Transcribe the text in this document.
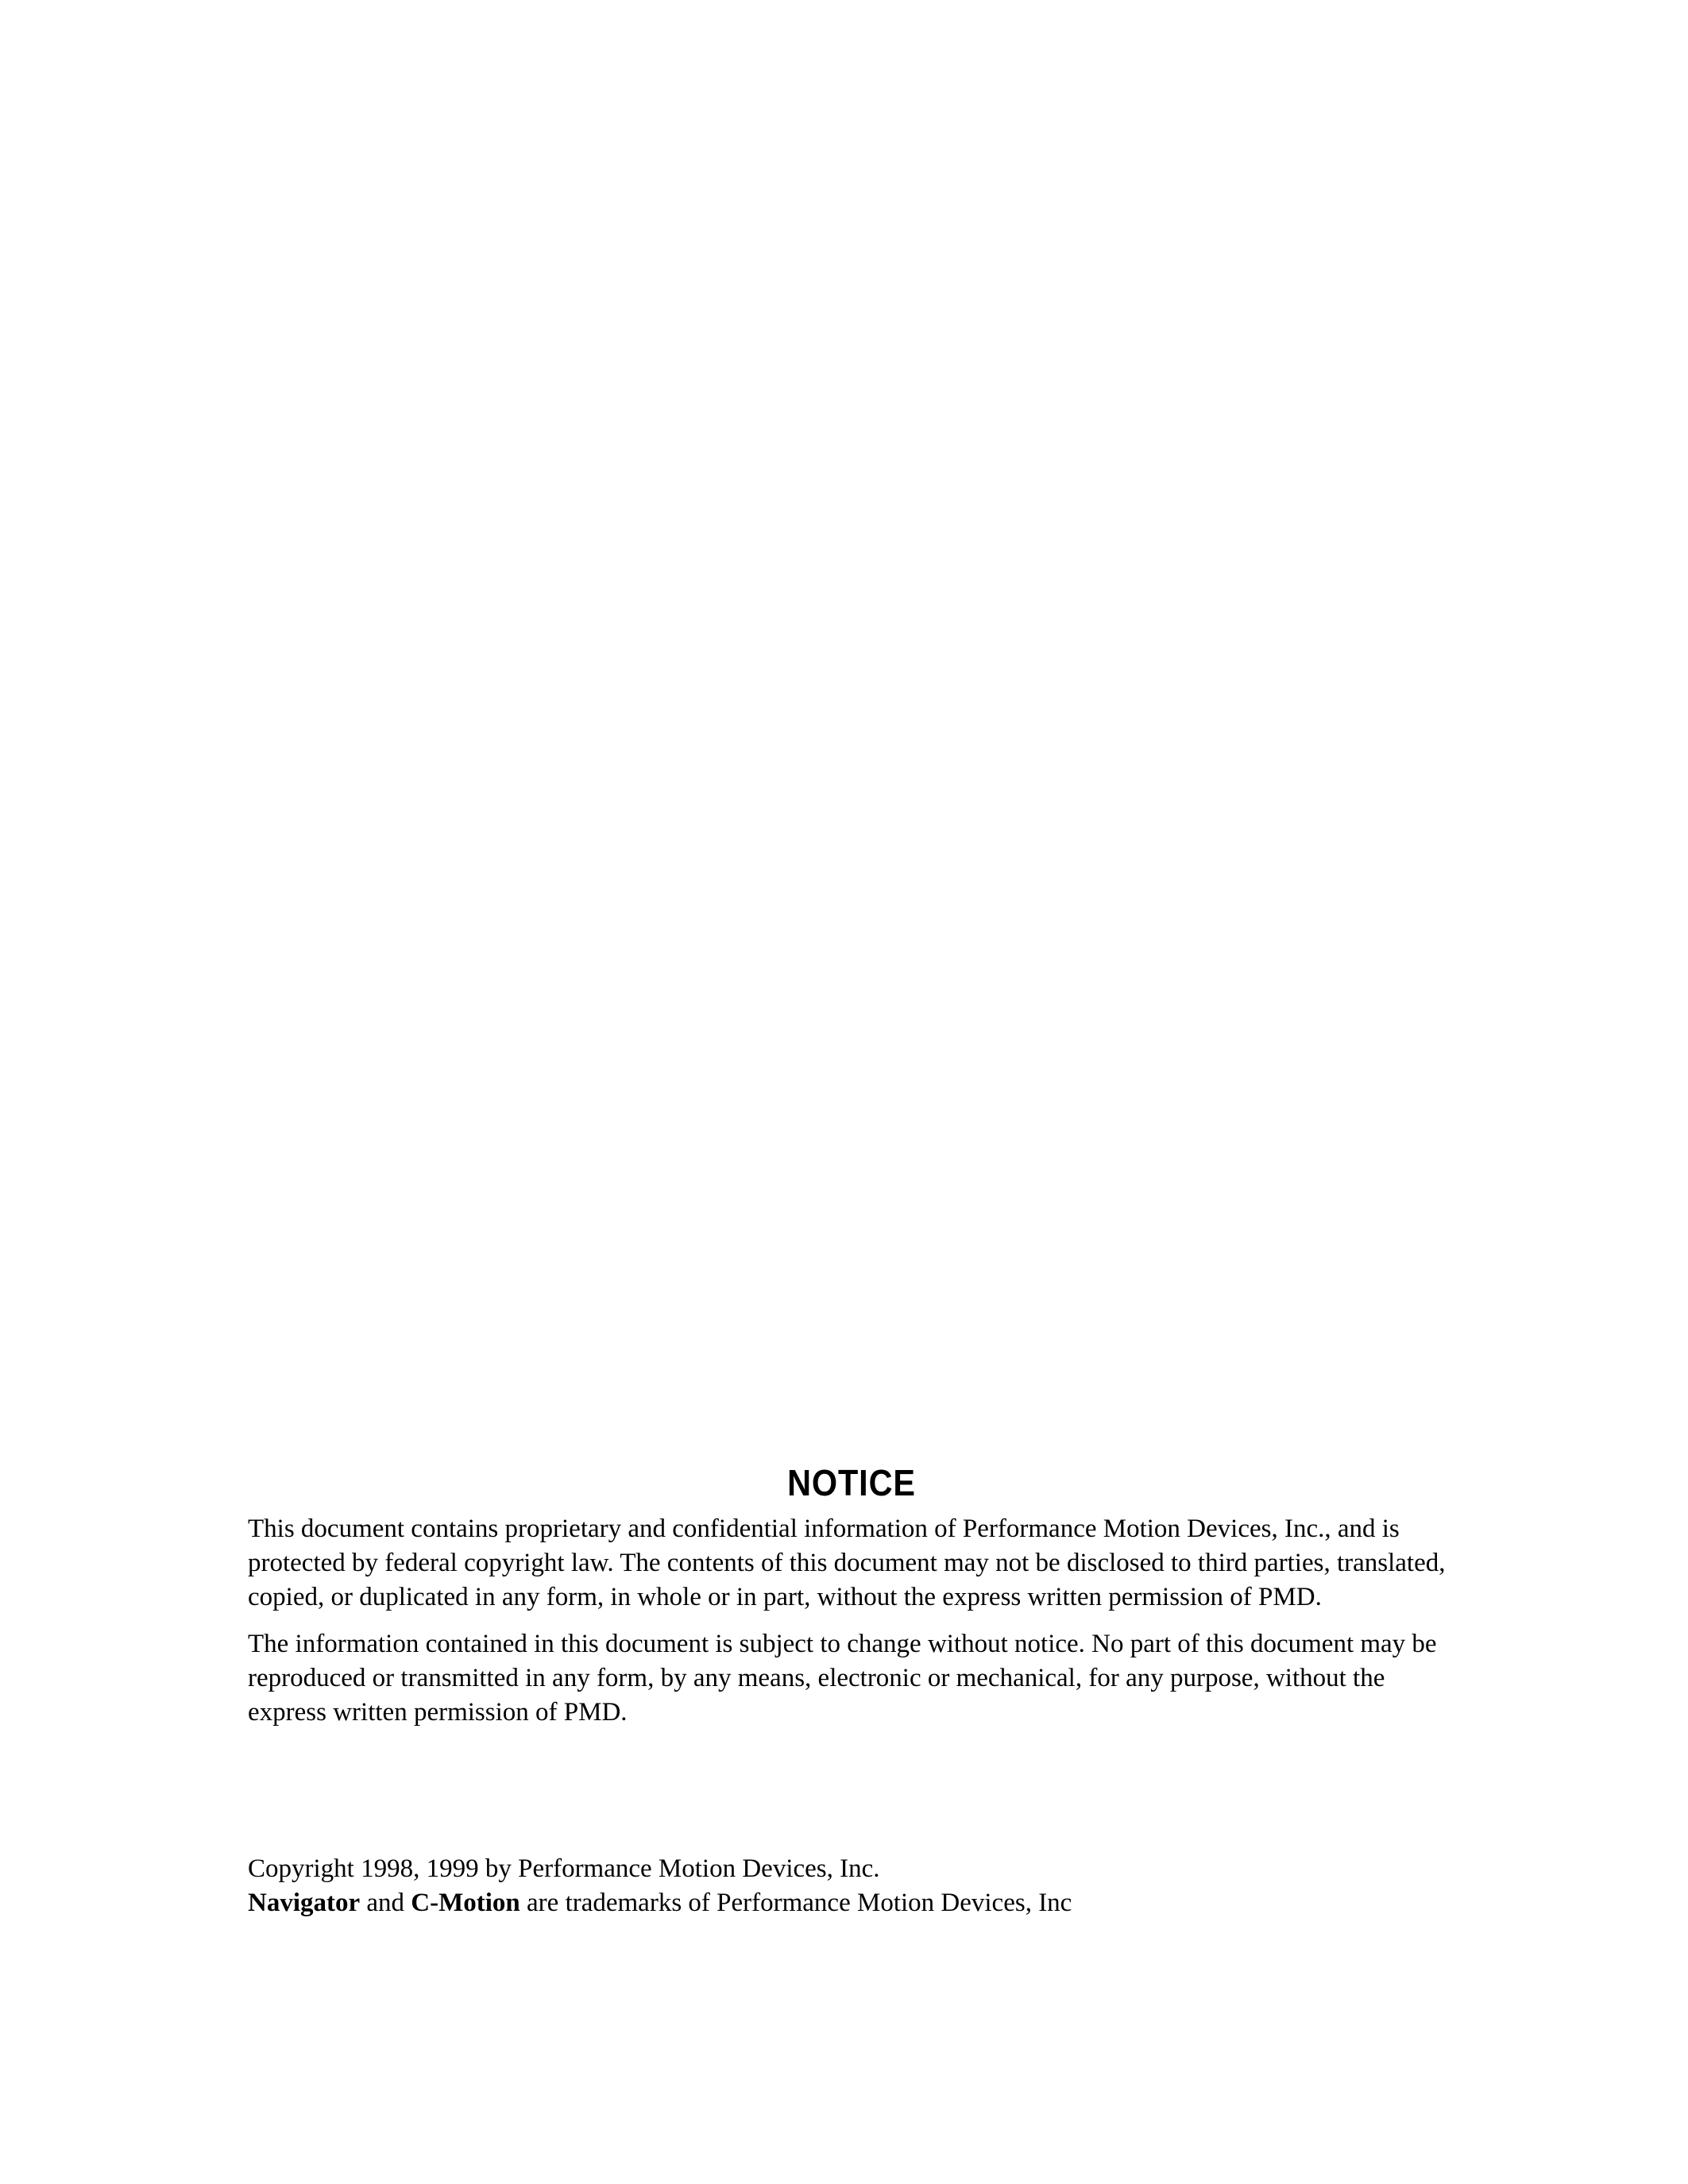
NOTICE

This document contains proprietary and confidential information of Performance Motion Devices, Inc., and is protected by federal copyright law. The contents of this document may not be disclosed to third parties, translated, copied, or duplicated in any form, in whole or in part, without the express written permission of PMD.

The information contained in this document is subject to change without notice. No part of this document may be reproduced or transmitted in any form, by any means, electronic or mechanical, for any purpose, without the express written permission of PMD.

Copyright 1998, 1999 by Performance Motion Devices, Inc.

Navigator and C-Motion are trademarks of Performance Motion Devices, Inc
